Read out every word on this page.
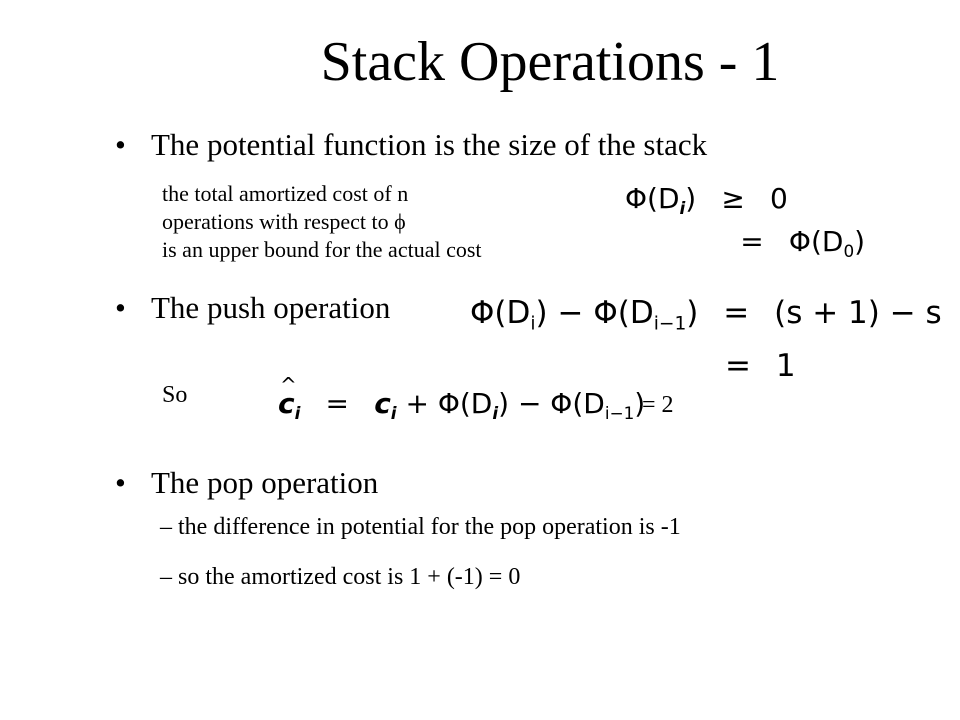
Stack Operations - 1
• The potential function is the size of the stack
the total amortized cost of n
operations with respect to ϕ
is an upper bound for the actual cost
$\Phi(D_i) \ge 0$
= $\Phi(D_0)$
• The push operation	$\Phi(D_i) - \Phi(D_{i-1}) = (s + 1) - s$
= 1
So
^	$c_i = c_i + \Phi(D_i) - \Phi(D_{i-1})$
= 2
• The pop operation
– the difference in potential for the pop operation is -1
– so the amortized cost is 1 + (-1) = 0
